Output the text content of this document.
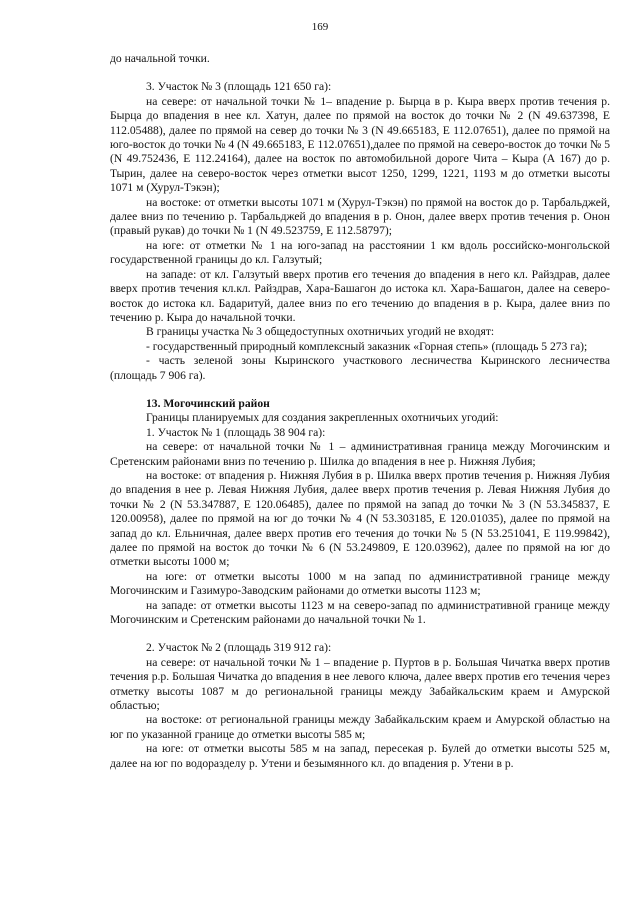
169

до начальной точки.

3. Участок № 3 (площадь 121 650 га):

на севере: от начальной точки № 1– впадение р. Бырца в р. Кыра вверх против течения р. Бырца до впадения в нее кл. Хатун, далее по прямой на восток до точки № 2 (N 49.637398, E 112.05488), далее по прямой на север до точки № 3 (N 49.665183, E 112.07651), далее по прямой на юго-восток до точки № 4 (N 49.665183, E 112.07651),далее по прямой на северо-восток до точки № 5 (N 49.752436, E 112.24164), далее на восток по автомобильной дороге Чита – Кыра (А 167) до р. Тырин, далее на северо-восток через отметки высот 1250, 1299, 1221, 1193 м до отметки высоты 1071 м (Хурул-Тэкэн);

на востоке: от отметки высоты 1071 м (Хурул-Тэкэн) по прямой на восток до р. Тарбальджей, далее вниз по течению р. Тарбальджей до впадения в р. Онон, далее вверх против течения р. Онон (правый рукав) до точки № 1 (N 49.523759, E 112.58797);

на юге: от отметки № 1 на юго-запад на расстоянии 1 км вдоль российско-монгольской государственной границы до кл. Галзутый;

на западе: от кл. Галзутый вверх против его течения до впадения в него кл. Райздрав, далее вверх против течения кл.кл. Райздрав, Хара-Башагон до истока кл. Хара-Башагон, далее на северо-восток до истока кл. Бадаритуй, далее вниз по его течению до впадения в р. Кыра, далее вниз по течению р. Кыра до начальной точки.

В границы участка № 3 общедоступных охотничьих угодий не входят:

- государственный природный комплексный заказник «Горная степь» (площадь 5 273 га);

- часть зеленой зоны Кыринского участкового лесничества Кыринского лесничества (площадь 7 906 га).

13. Могочинский район

Границы планируемых для создания закрепленных охотничьих угодий:

1. Участок № 1 (площадь 38 904 га):

на севере: от начальной точки № 1 – административная граница между Могочинским и Сретенским районами вниз по течению р. Шилка до впадения в нее р. Нижняя Лубия;

на востоке: от впадения р. Нижняя Лубия в р. Шилка вверх против течения р. Нижняя Лубия до впадения в нее р. Левая Нижняя Лубия, далее вверх против течения р. Левая Нижняя Лубия до точки № 2 (N 53.347887, E 120.06485), далее по прямой на запад до точки № 3 (N 53.345837, E 120.00958), далее по прямой на юг до точки № 4 (N 53.303185, E 120.01035), далее по прямой на запад до кл. Ельничная, далее вверх против его течения до точки № 5 (N 53.251041, E 119.99842), далее по прямой на восток до точки № 6 (N 53.249809, E 120.03962), далее по прямой на юг до отметки высоты 1000 м;

на юге: от отметки высоты 1000 м на запад по административной границе между Могочинским и Газимуро-Заводским районами до отметки высоты 1123 м;

на западе: от отметки высоты 1123 м на северо-запад по административной границе между Могочинским и Сретенским районами до начальной точки № 1.

2. Участок № 2 (площадь 319 912 га):

на севере: от начальной точки № 1 – впадение р. Пуртов в р. Большая Чичатка вверх против течения р.р. Большая Чичатка до впадения в нее левого ключа, далее вверх против его течения через отметку высоты 1087 м до региональной границы между Забайкальским краем и Амурской областью;

на востоке: от региональной границы между Забайкальским краем и Амурской областью на юг по указанной границе до отметки высоты 585 м;

на юге: от отметки высоты 585 м на запад, пересекая р. Булей до отметки высоты 525 м, далее на юг по водоразделу р. Утени и безымянного кл. до впадения р. Утени в р.
